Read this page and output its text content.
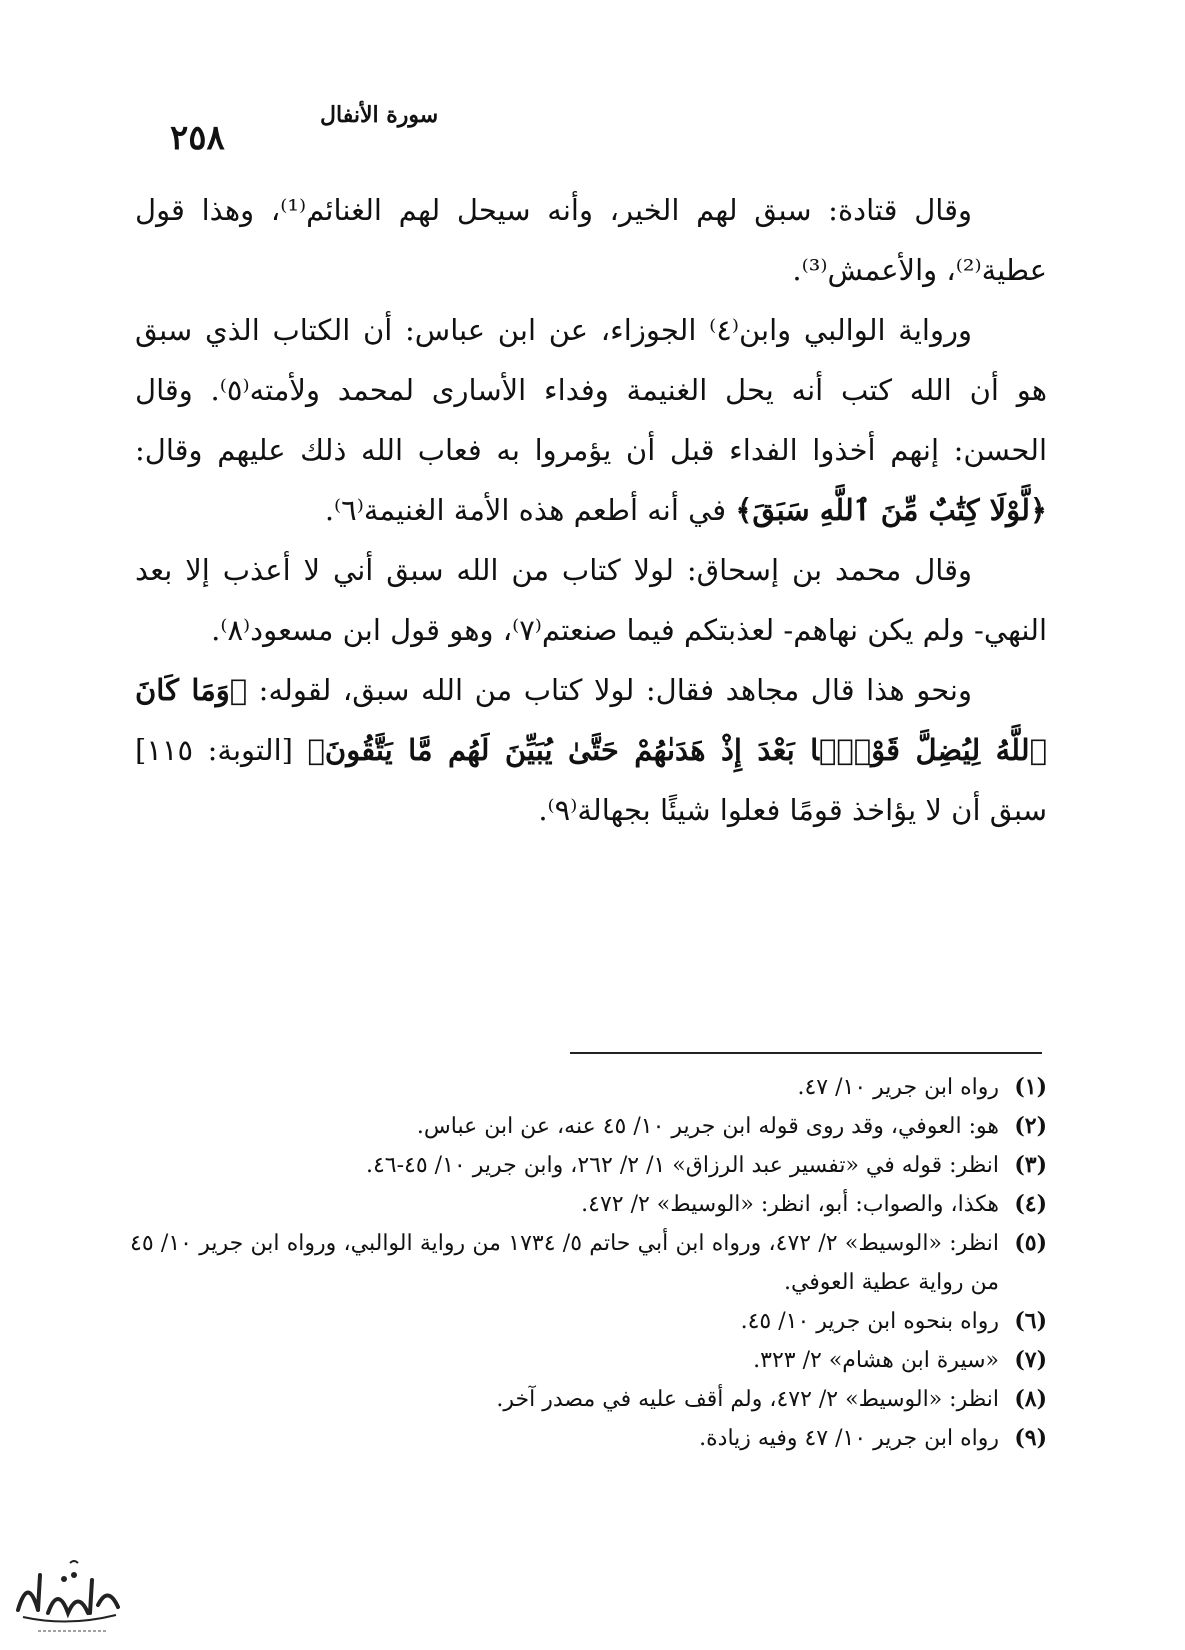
سورة الأنفال
٢٥٨

وقال قتادة: سبق لهم الخير، وأنه سيحل لهم الغنائم⁽¹⁾، وهذا قول عطية⁽²⁾، والأعمش⁽³⁾.

ورواية الوالبي وابن⁽٤⁾ الجوزاء، عن ابن عباس: أن الكتاب الذي سبق هو أن الله كتب أنه يحل الغنيمة وفداء الأسارى لمحمد ولأمته⁽٥⁾. وقال الحسن: إنهم أخذوا الفداء قبل أن يؤمروا به فعاب الله ذلك عليهم وقال: ﴿لَّوْلَا كِتَٰبٌ مِّنَ ٱللَّهِ سَبَقَ﴾ في أنه أطعم هذه الأمة الغنيمة⁽٦⁾.

وقال محمد بن إسحاق: لولا كتاب من الله سبق أني لا أعذب إلا بعد النهي- ولم يكن نهاهم- لعذبتكم فيما صنعتم⁽٧⁾، وهو قول ابن مسعود⁽٨⁾.

ونحو هذا قال مجاهد فقال: لولا كتاب من الله سبق، لقوله: ﴿وَمَا كَانَ ٱللَّهُ لِيُضِلَّ قَوْمًۢا بَعْدَ إِذْ هَدَىٰهُمْ حَتَّىٰ يُبَيِّنَ لَهُم مَّا يَتَّقُونَ﴾ [التوبة: ١١٥] سبق أن لا يؤاخذ قومًا فعلوا شيئًا بجهالة⁽٩⁾.

(١)
رواه ابن جرير ١٠/ ٤٧.
(٢)
هو: العوفي، وقد روى قوله ابن جرير ١٠/ ٤٥ عنه، عن ابن عباس.
(٣)
انظر: قوله في «تفسير عبد الرزاق» ١/ ٢/ ٢٦٢، وابن جرير ١٠/ ٤٥-٤٦.
(٤)
هكذا، والصواب: أبو، انظر: «الوسيط» ٢/ ٤٧٢.
(٥)
انظر: «الوسيط» ٢/ ٤٧٢، ورواه ابن أبي حاتم ٥/ ١٧٣٤ من رواية الوالبي، ورواه ابن جرير ١٠/ ٤٥ من رواية عطية العوفي.
(٦)
رواه بنحوه ابن جرير ١٠/ ٤٥.
(٧)
«سيرة ابن هشام» ٢/ ٣٢٣.
(٨)
انظر: «الوسيط» ٢/ ٤٧٢، ولم أقف عليه في مصدر آخر.
(٩)
رواه ابن جرير ١٠/ ٤٧ وفيه زيادة.
